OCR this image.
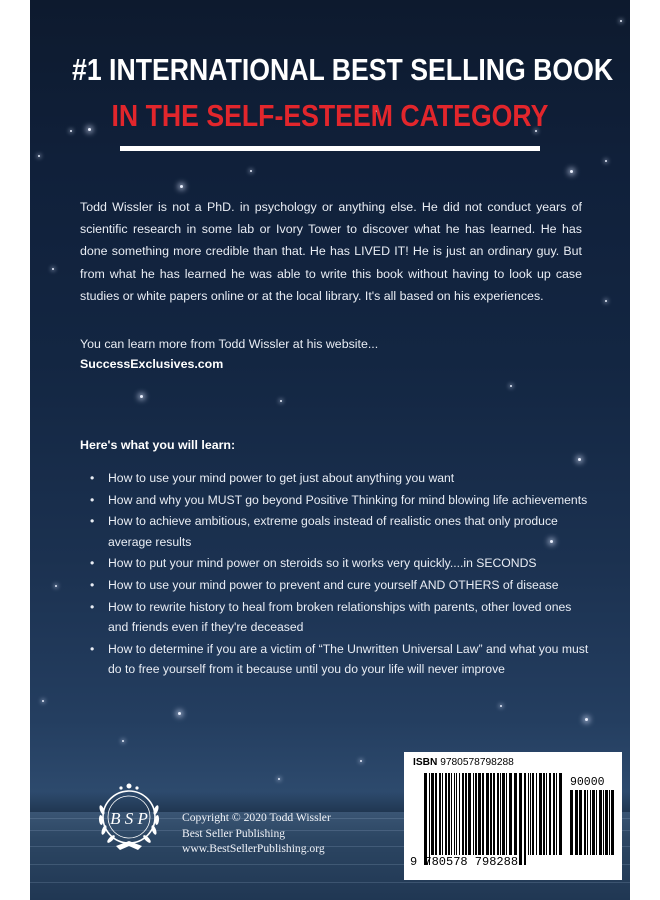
#1 INTERNATIONAL BEST SELLING BOOK
IN THE SELF-ESTEEM CATEGORY

Todd Wissler is not a PhD. in psychology or anything else. He did not conduct years of scientific research in some lab or Ivory Tower to discover what he has learned. He has done something more credible than that. He has LIVED IT! He is just an ordinary guy. But from what he has learned he was able to write this book without having to look up case studies or white papers online or at the local library. It's all based on his experiences.

You can learn more from Todd Wissler at his website...

SuccessExclusives.com

Here's what you will learn:

• How to use your mind power to get just about anything you want
• How and why you MUST go beyond Positive Thinking for mind blowing life achievements
• How to achieve ambitious, extreme goals instead of realistic ones that only produce average results
• How to put your mind power on steroids so it works very quickly....in SECONDS
• How to use your mind power to prevent and cure yourself AND OTHERS of disease
• How to rewrite history to heal from broken relationships with parents, other loved ones and friends even if they're deceased
• How to determine if you are a victim of “The Unwritten Universal Law” and what you must do to free yourself from it because until you do your life will never improve
B S P	Copyright © 2020 Todd Wissler
Best Seller Publishing
www.BestSellerPublishing.org

ISBN 9780578798288
90000
9 780578 798288
